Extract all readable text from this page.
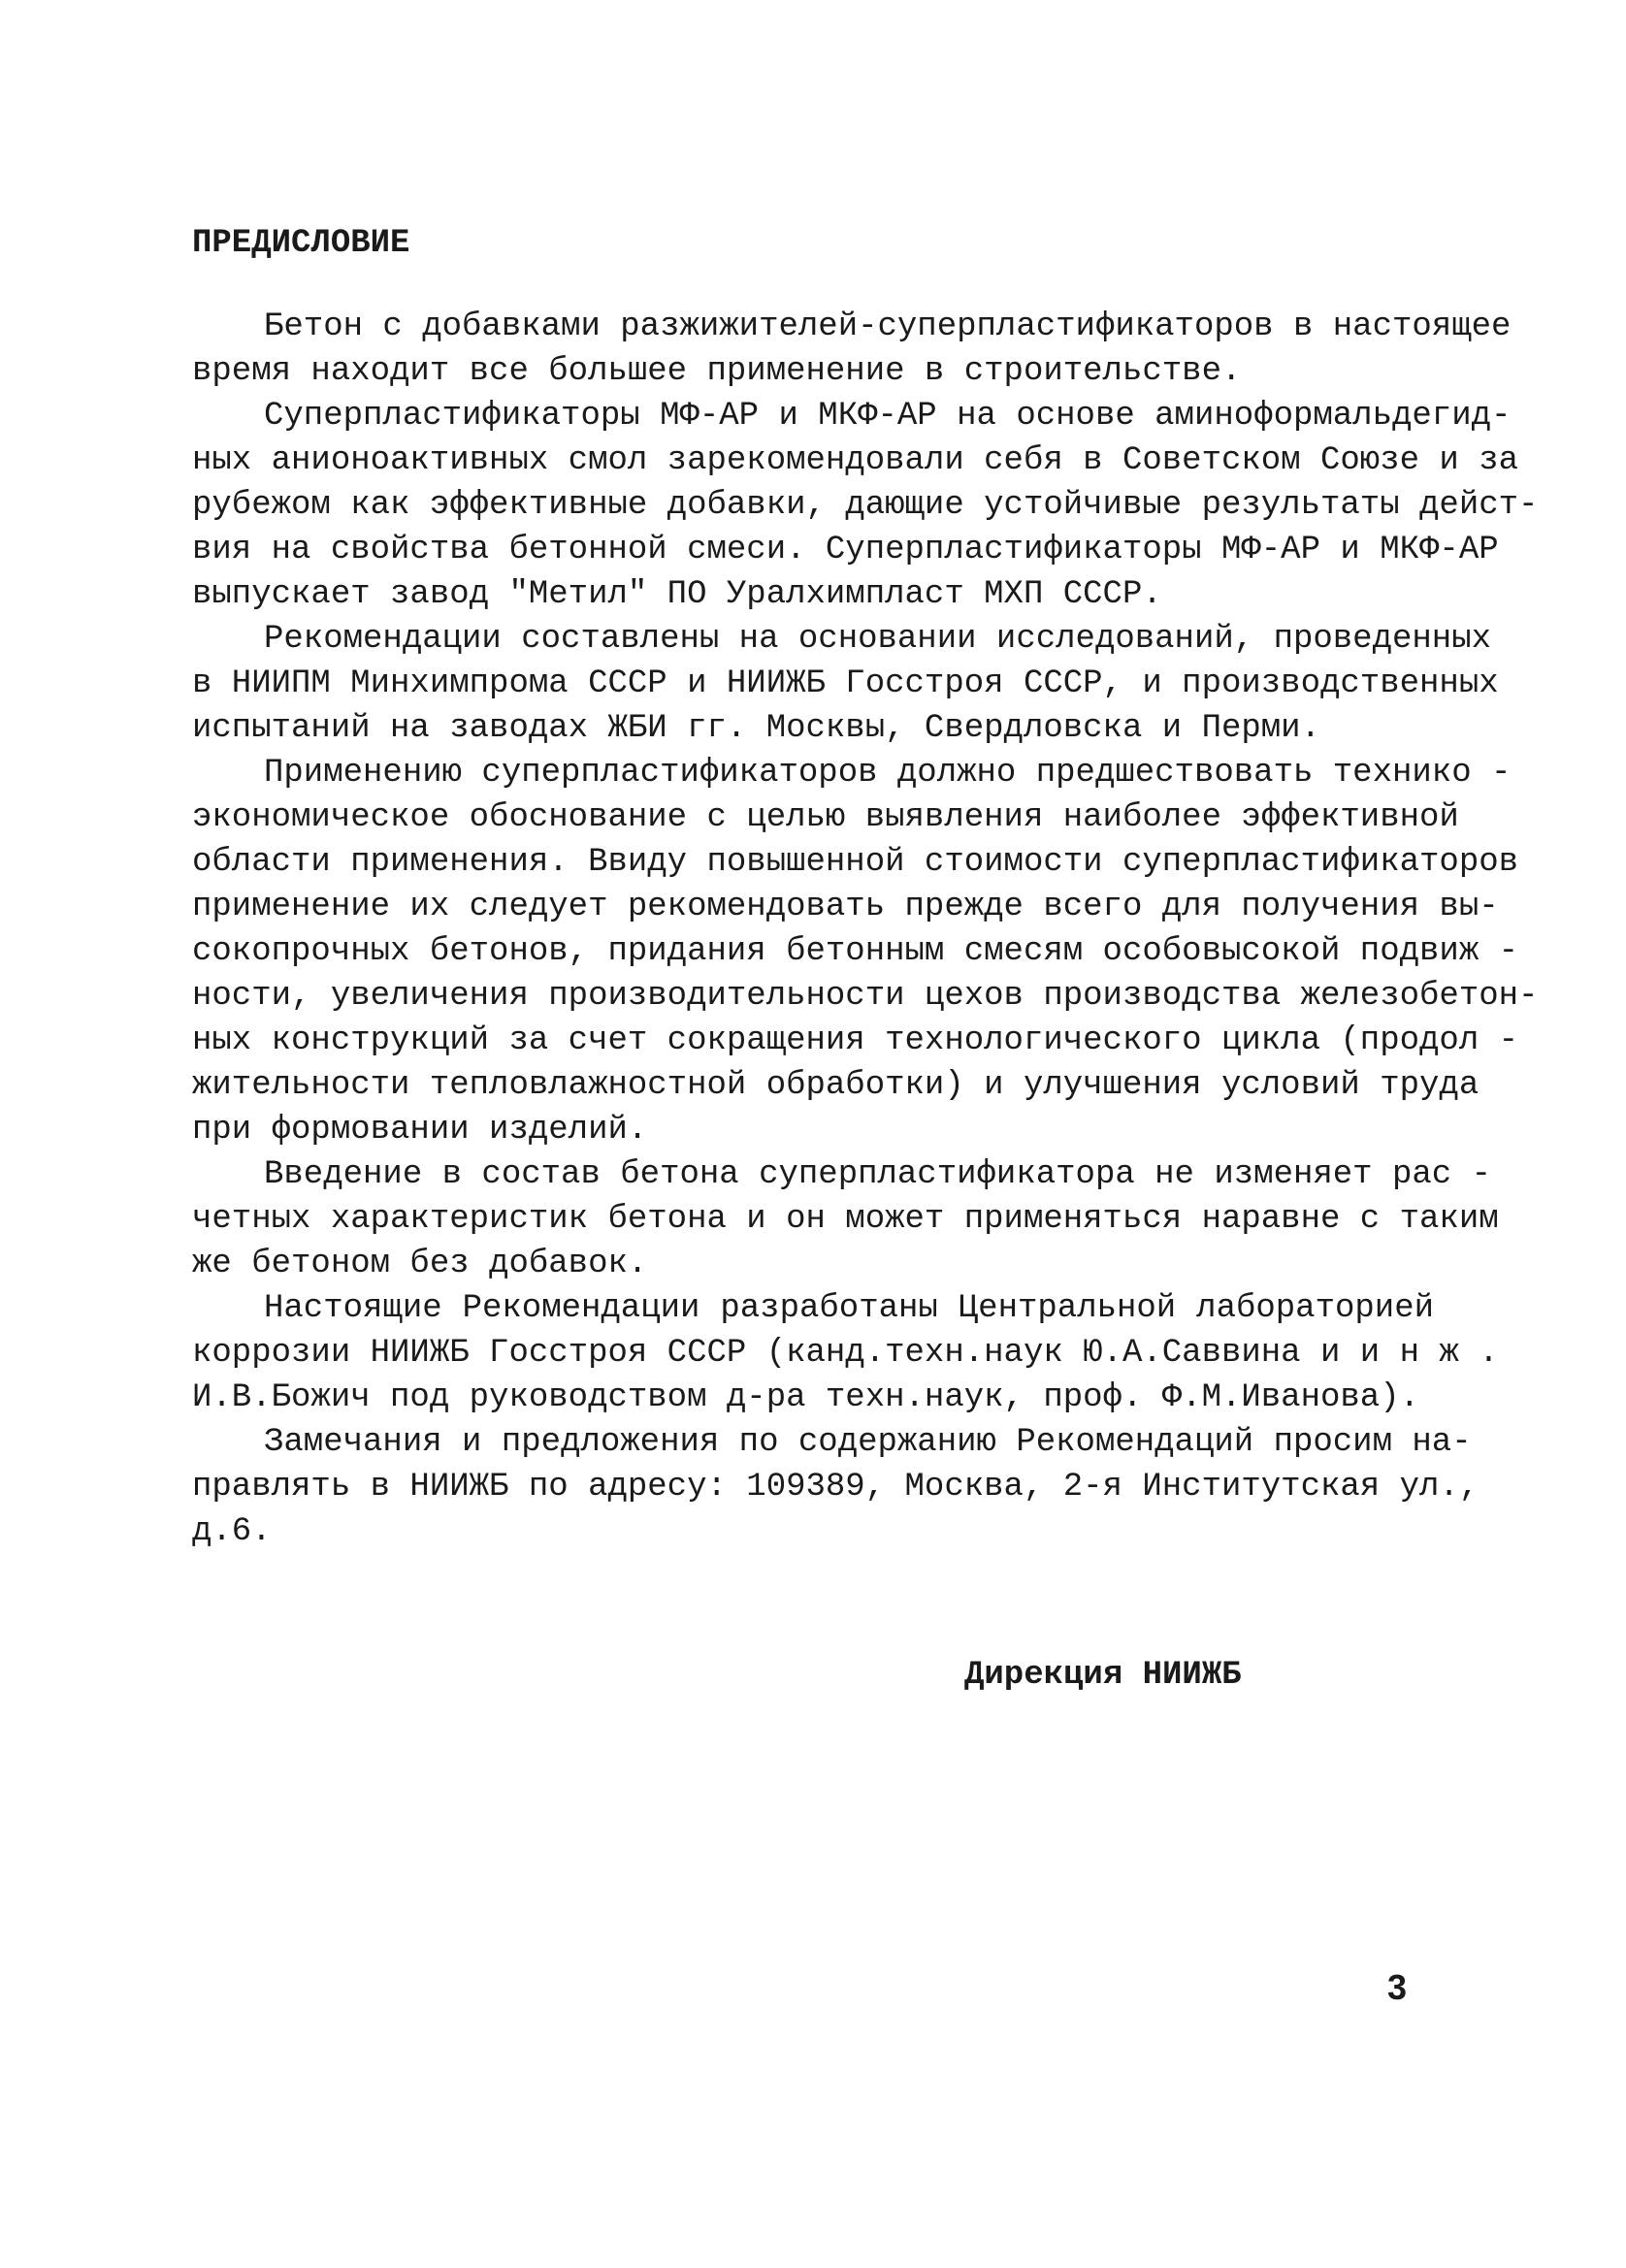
ПРЕДИСЛОВИЕ
Бетон с добавками разжижителей-суперпластификаторов в настоящее
время находит все большее применение в строительстве.
Суперпластификаторы МФ-АР и МКФ-АР на основе аминоформальдегид-
ных анионоактивных смол зарекомендовали себя в Советском Союзе и за
рубежом как эффективные добавки, дающие устойчивые результаты дейст-
вия на свойства бетонной смеси. Суперпластификаторы МФ-АР и МКФ-АР
выпускает завод "Метил" ПО Уралхимпласт МХП СССР.
Рекомендации составлены на основании исследований, проведенных
в НИИПМ Минхимпрома СССР и НИИЖБ Госстроя СССР, и производственных
испытаний на заводах ЖБИ гг. Москвы, Свердловска и Перми.
Применению суперпластификаторов должно предшествовать технико -
экономическое обоснование с целью выявления наиболее эффективной
области применения. Ввиду повышенной стоимости суперпластификаторов
применение их следует рекомендовать прежде всего для получения вы-
сокопрочных бетонов, придания бетонным смесям особовысокой подвиж -
ности, увеличения производительности цехов производства железобетон-
ных конструкций за счет сокращения технологического цикла (продол -
жительности тепловлажностной обработки) и улучшения условий труда
при формовании изделий.
Введение в состав бетона суперпластификатора не изменяет рас -
четных характеристик бетона и он может применяться наравне с таким
же бетоном без добавок.
Настоящие Рекомендации разработаны Центральной лабораторией
коррозии НИИЖБ Госстроя СССР (канд.техн.наук Ю.А.Саввина и и н ж .
И.В.Божич под руководством д-ра техн.наук, проф. Ф.М.Иванова).
Замечания и предложения по содержанию Рекомендаций просим на-
правлять в НИИЖБ по адресу: 109389, Москва, 2-я Институтская ул.,
д.6.
Дирекция НИИЖБ
3
